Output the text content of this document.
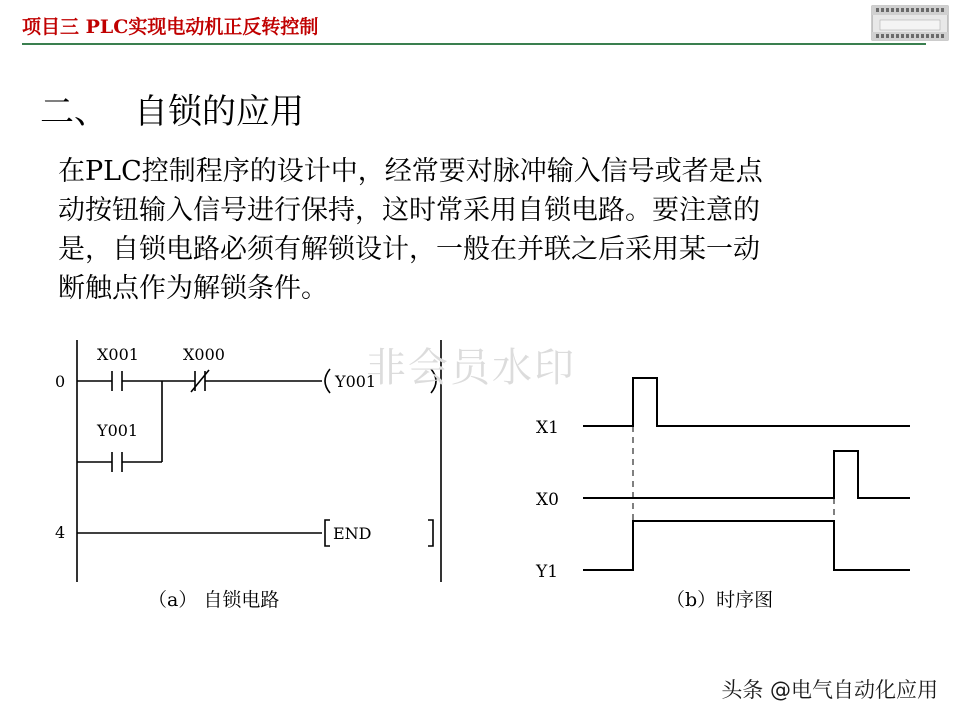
项目三 PLC实现电动机正反转控制
二、 自锁的应用
在PLC控制程序的设计中，经常要对脉冲输入信号或者是点
动按钮输入信号进行保持，这时常采用自锁电路。要注意的
是，自锁电路必须有解锁设计，一般在并联之后采用某一动
断触点作为解锁条件。
0
X001	X000
Y001
Y001
4	END
（a） 自锁电路
X1
X0
Y1
（b）时序图
非会员水印
头条 @电气自动化应用
